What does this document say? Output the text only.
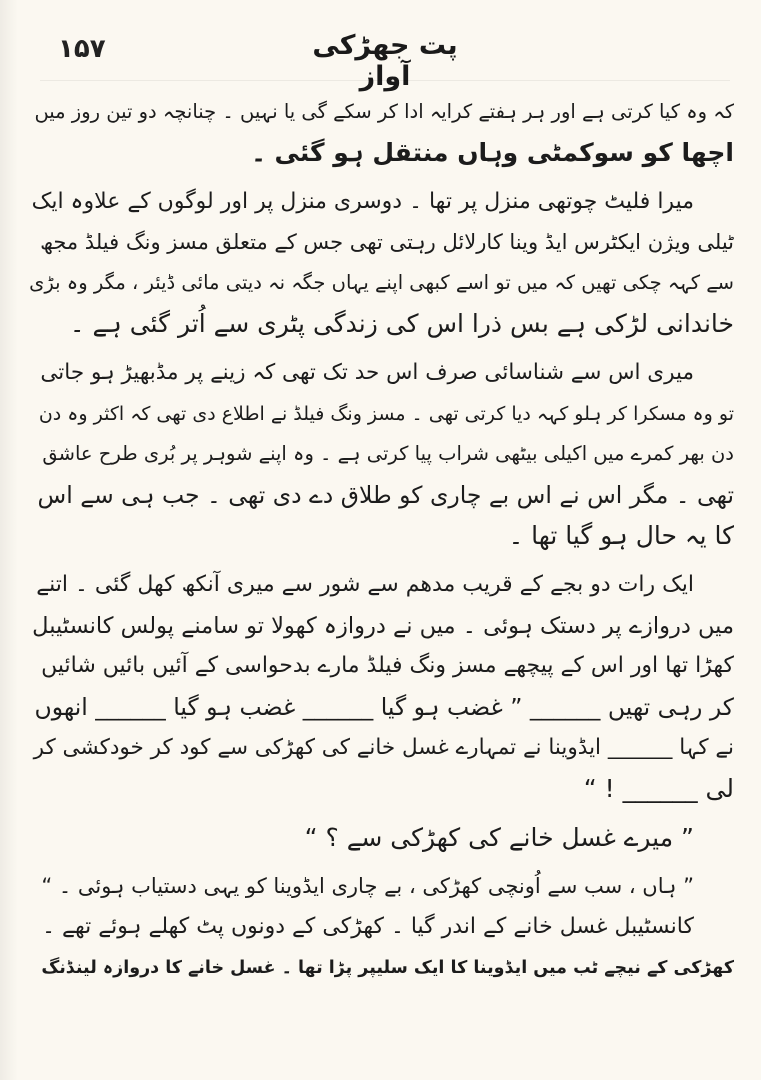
۱۵۷	پت جھڑکی آواز
کہ وہ کیا کرتی ہے اور ہر ہفتے کرایہ ادا کر سکے گی یا نہیں ۔ چنانچہ دو تین روز میں
اچھا کو سوکمٹی وہاں منتقل ہو گئی ۔
میرا فلیٹ چوتھی منزل پر تھا ۔ دوسری منزل پر اور لوگوں کے علاوہ ایک
ٹیلی ویژن ایکٹرس ایڈ وینا کارلائل رہتی تھی جس کے متعلق مسز ونگ فیلڈ مجھ
سے کہہ چکی تھیں کہ میں تو اسے کبھی اپنے یہاں جگہ نہ دیتی مائی ڈیئر ، مگر وہ بڑی
خاندانی لڑکی ہے بس ذرا اس کی زندگی پٹری سے اُتر گئی ہے ۔
میری اس سے شناسائی صرف اس حد تک تھی کہ زینے پر مڈبھیڑ ہو جاتی
تو وہ مسکرا کر ہلو کہہ دیا کرتی تھی ۔ مسز ونگ فیلڈ نے اطلاع دی تھی کہ اکثر وہ دن
دن بھر کمرے میں اکیلی بیٹھی شراب پیا کرتی ہے ۔ وہ اپنے شوہر پر بُری طرح عاشق
تھی ۔ مگر اس نے اس بے چاری کو طلاق دے دی تھی ۔ جب ہی سے اس
کا یہ حال ہو گیا تھا ۔
ایک رات دو بجے کے قریب مدھم سے شور سے میری آنکھ کھل گئی ۔ اتنے
میں دروازے پر دستک ہوئی ۔ میں نے دروازہ کھولا تو سامنے پولس کانسٹیبل
کھڑا تھا اور اس کے پیچھے مسز ونگ فیلڈ مارے بدحواسی کے آئیں بائیں شائیں
کر رہی تھیں ______ ” غضب ہو گیا ______ غضب ہو گیا ______ انھوں
نے کہا ______ ایڈوینا نے تمہارے غسل خانے کی کھڑکی سے کود کر خودکشی کر
لی ______ ! “
” میرے غسل خانے کی کھڑکی سے ؟ “
” ہاں ، سب سے اُونچی کھڑکی ، بے چاری ایڈوینا کو یہی دستیاب ہوئی ۔ “
کانسٹیبل غسل خانے کے اندر گیا ۔ کھڑکی کے دونوں پٹ کھلے ہوئے تھے ۔
کھڑکی کے نیچے ٹب میں ایڈوینا کا ایک سلیپر پڑا تھا ۔ غسل خانے کا دروازہ لینڈنگ
